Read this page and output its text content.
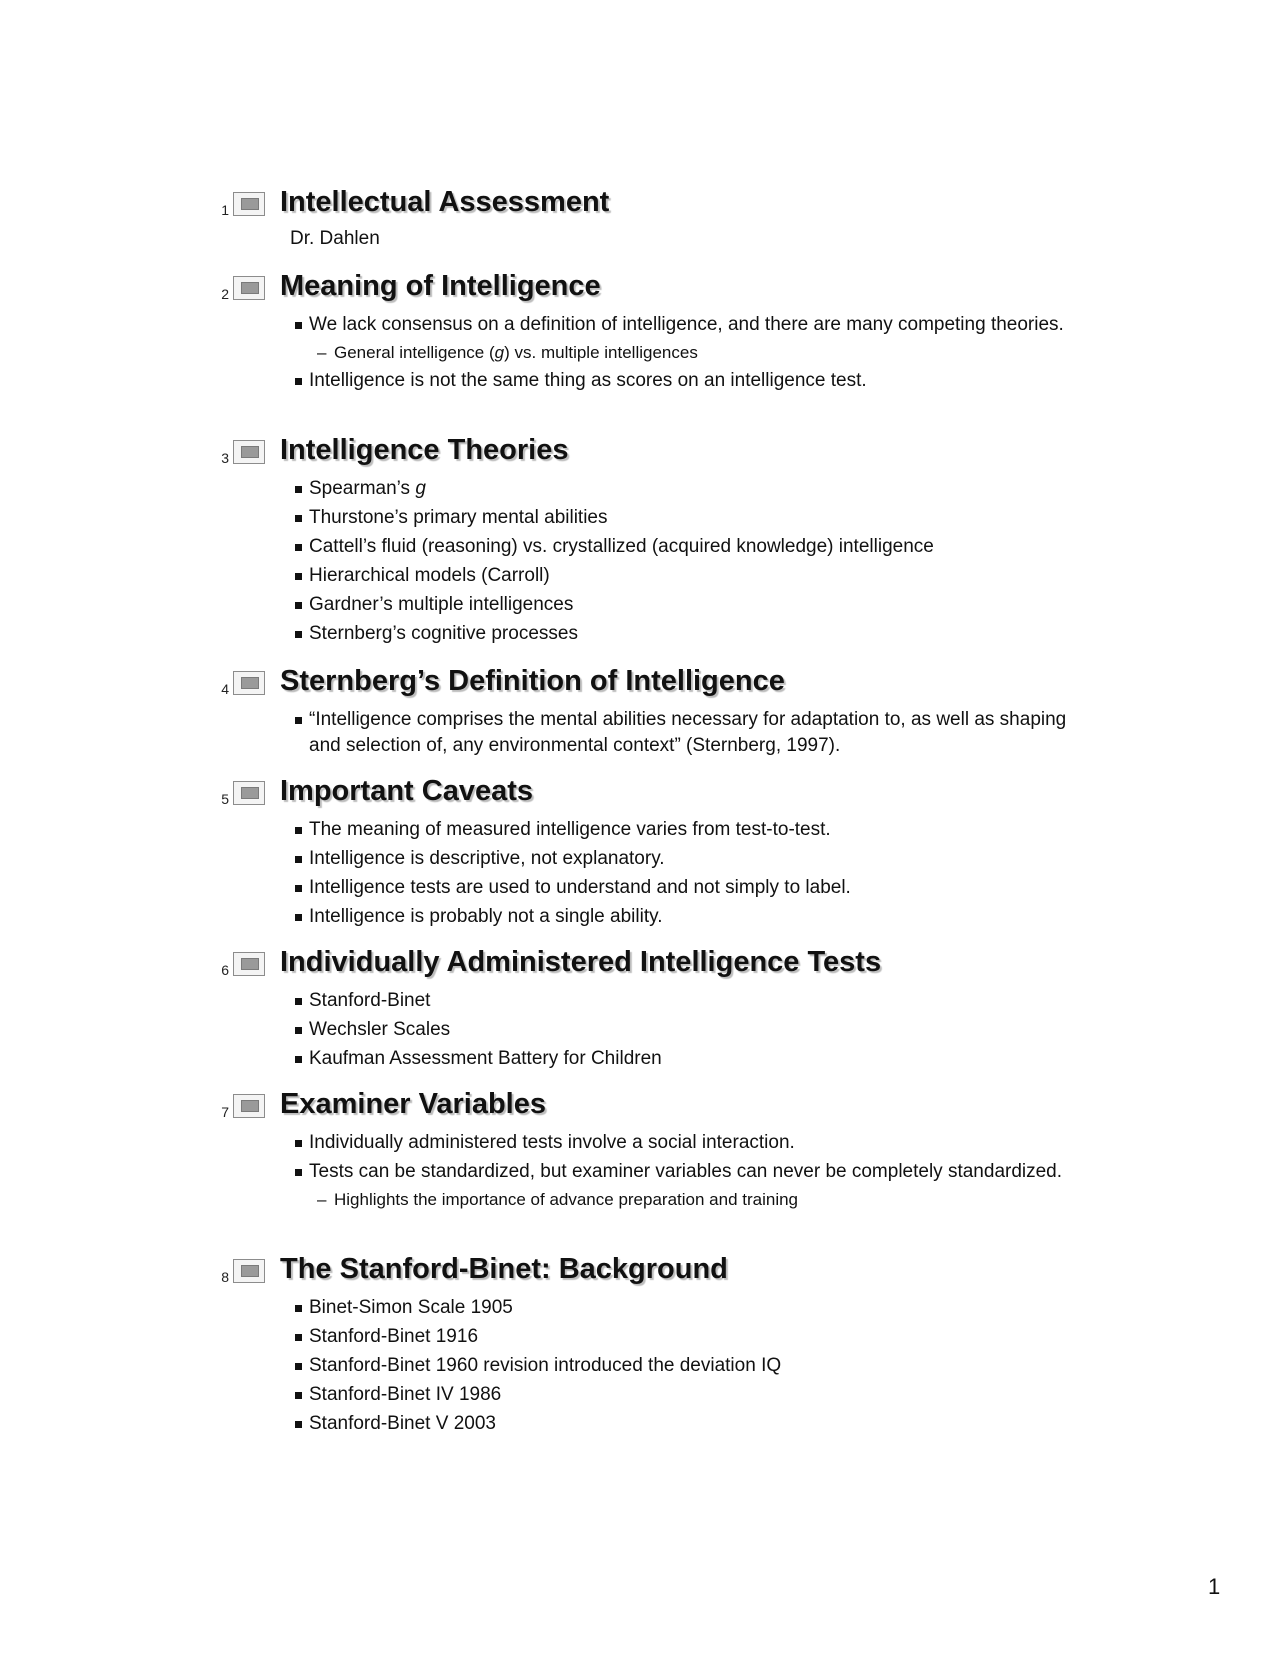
1 Intellectual Assessment
Dr. Dahlen
2 Meaning of Intelligence
We lack consensus on a definition of intelligence, and there are many competing theories.
– General intelligence (g) vs. multiple intelligences
Intelligence is not the same thing as scores on an intelligence test.
3 Intelligence Theories
Spearman’s g
Thurstone’s primary mental abilities
Cattell’s fluid (reasoning) vs. crystallized (acquired knowledge) intelligence
Hierarchical models (Carroll)
Gardner’s multiple intelligences
Sternberg’s cognitive processes
4 Sternberg’s Definition of Intelligence
“Intelligence comprises the mental abilities necessary for adaptation to, as well as shaping and selection of, any environmental context” (Sternberg, 1997).
5 Important Caveats
The meaning of measured intelligence varies from test-to-test.
Intelligence is descriptive, not explanatory.
Intelligence tests are used to understand and not simply to label.
Intelligence is probably not a single ability.
6 Individually Administered Intelligence Tests
Stanford-Binet
Wechsler Scales
Kaufman Assessment Battery for Children
7 Examiner Variables
Individually administered tests involve a social interaction.
Tests can be standardized, but examiner variables can never be completely standardized.
– Highlights the importance of advance preparation and training
8 The Stanford-Binet: Background
Binet-Simon Scale 1905
Stanford-Binet 1916
Stanford-Binet 1960 revision introduced the deviation IQ
Stanford-Binet IV 1986
Stanford-Binet V 2003
1
